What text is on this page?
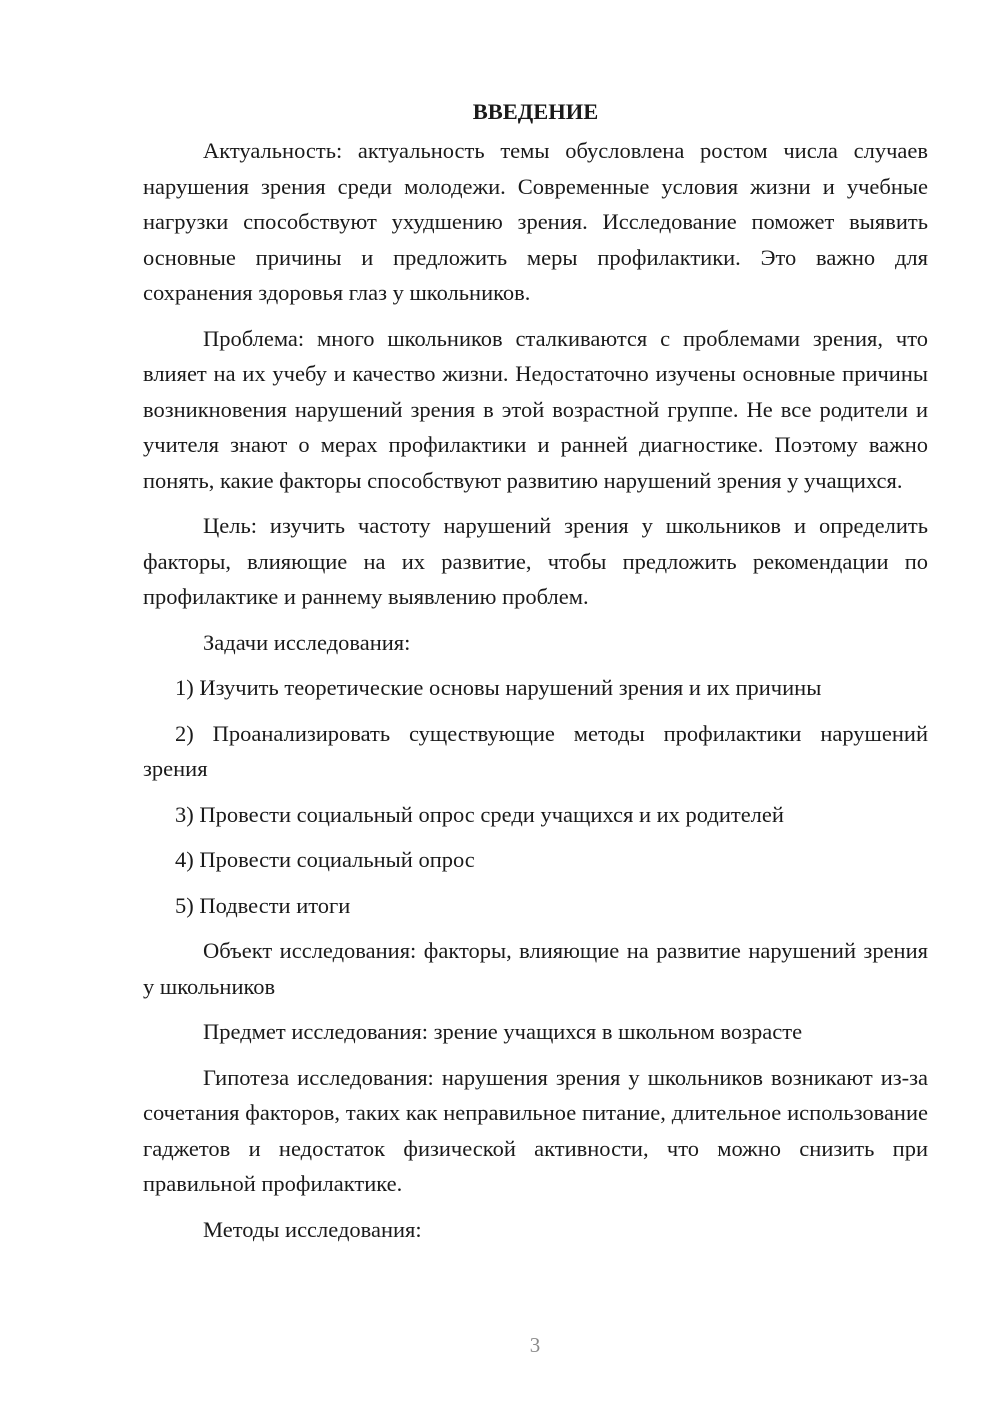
ВВЕДЕНИЕ

Актуальность: актуальность темы обусловлена ростом числа случаев нарушения зрения среди молодежи. Современные условия жизни и учебные нагрузки способствуют ухудшению зрения. Исследование поможет выявить основные причины и предложить меры профилактики. Это важно для сохранения здоровья глаз у школьников.

Проблема: много школьников сталкиваются с проблемами зрения, что влияет на их учебу и качество жизни. Недостаточно изучены основные причины возникновения нарушений зрения в этой возрастной группе. Не все родители и учителя знают о мерах профилактики и ранней диагностике. Поэтому важно понять, какие факторы способствуют развитию нарушений зрения у учащихся.

Цель: изучить частоту нарушений зрения у школьников и определить факторы, влияющие на их развитие, чтобы предложить рекомендации по профилактике и раннему выявлению проблем.

Задачи исследования:

1) Изучить теоретические основы нарушений зрения и их причины

2) Проанализировать существующие методы профилактики нарушений зрения

3) Провести социальный опрос среди учащихся и их родителей

4) Провести социальный опрос

5) Подвести итоги

Объект исследования: факторы, влияющие на развитие нарушений зрения у школьников

Предмет исследования: зрение учащихся в школьном возрасте

Гипотеза исследования: нарушения зрения у школьников возникают из-за сочетания факторов, таких как неправильное питание, длительное использование гаджетов и недостаток физической активности, что можно снизить при правильной профилактике.

Методы исследования:

3
